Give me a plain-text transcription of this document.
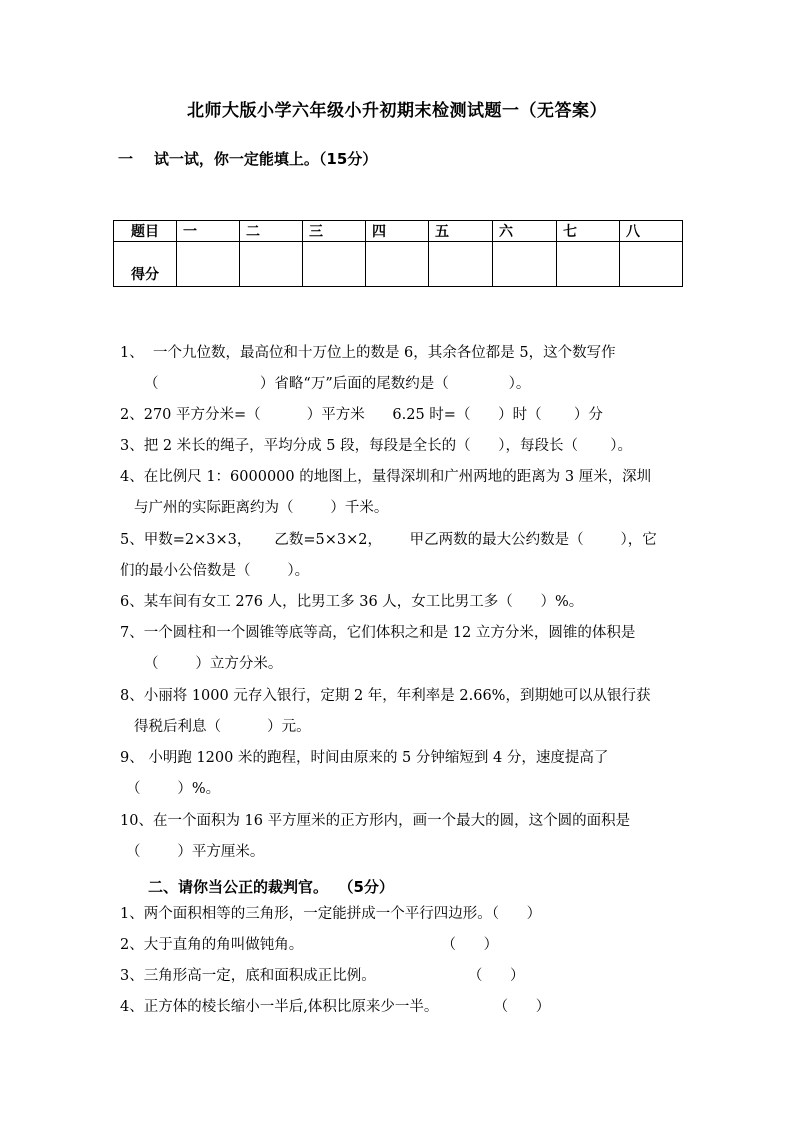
北师大版小学六年级小升初期末检测试题一（无答案）
一    试一试，你一定能填上。（15分）
题目	一	二	三	四	五	六	七	八
得分								
1、  一个九位数，最高位和十万位上的数是 6，其余各位都是 5，这个数写作
（                      ）省略“万”后面的尾数约是（             ）。
2、270 平方分米=（          ）平方米      6.25 时=（      ）时（       ）分
3、把 2 米长的绳子，平均分成 5 段，每段是全长的（      ），每段长（       ）。
4、在比例尺 1：6000000 的地图上，量得深圳和广州两地的距离为 3 厘米，深圳
与广州的实际距离约为（        ）千米。
5、甲数=2×3×3，     乙数=5×3×2，      甲乙两数的最大公约数是（        ），它
们的最小公倍数是（        ）。
6、某车间有女工 276 人，比男工多 36 人，女工比男工多（      ）%。
7、一个圆柱和一个圆锥等底等高，它们体积之和是 12 立方分米，圆锥的体积是
（        ）立方分米。
8、小丽将 1000 元存入银行，定期 2 年，年利率是 2.66%，到期她可以从银行获
得税后利息（          ）元。
9、 小明跑 1200 米的跑程，时间由原来的 5 分钟缩短到 4 分，速度提高了
（        ）%。
10、在一个面积为 16 平方厘米的正方形内，画一个最大的圆，这个圆的面积是
（        ）平方厘米。
二、请你当公正的裁判官。  （5分）
1、两个面积相等的三角形，一定能拼成一个平行四边形。（      ）
2、大于直角的角叫做钝角。                              （      ）
3、三角形高一定，底和面积成正比例。                    （      ）
4、正方体的棱长缩小一半后,体积比原来少一半。            （      ）
